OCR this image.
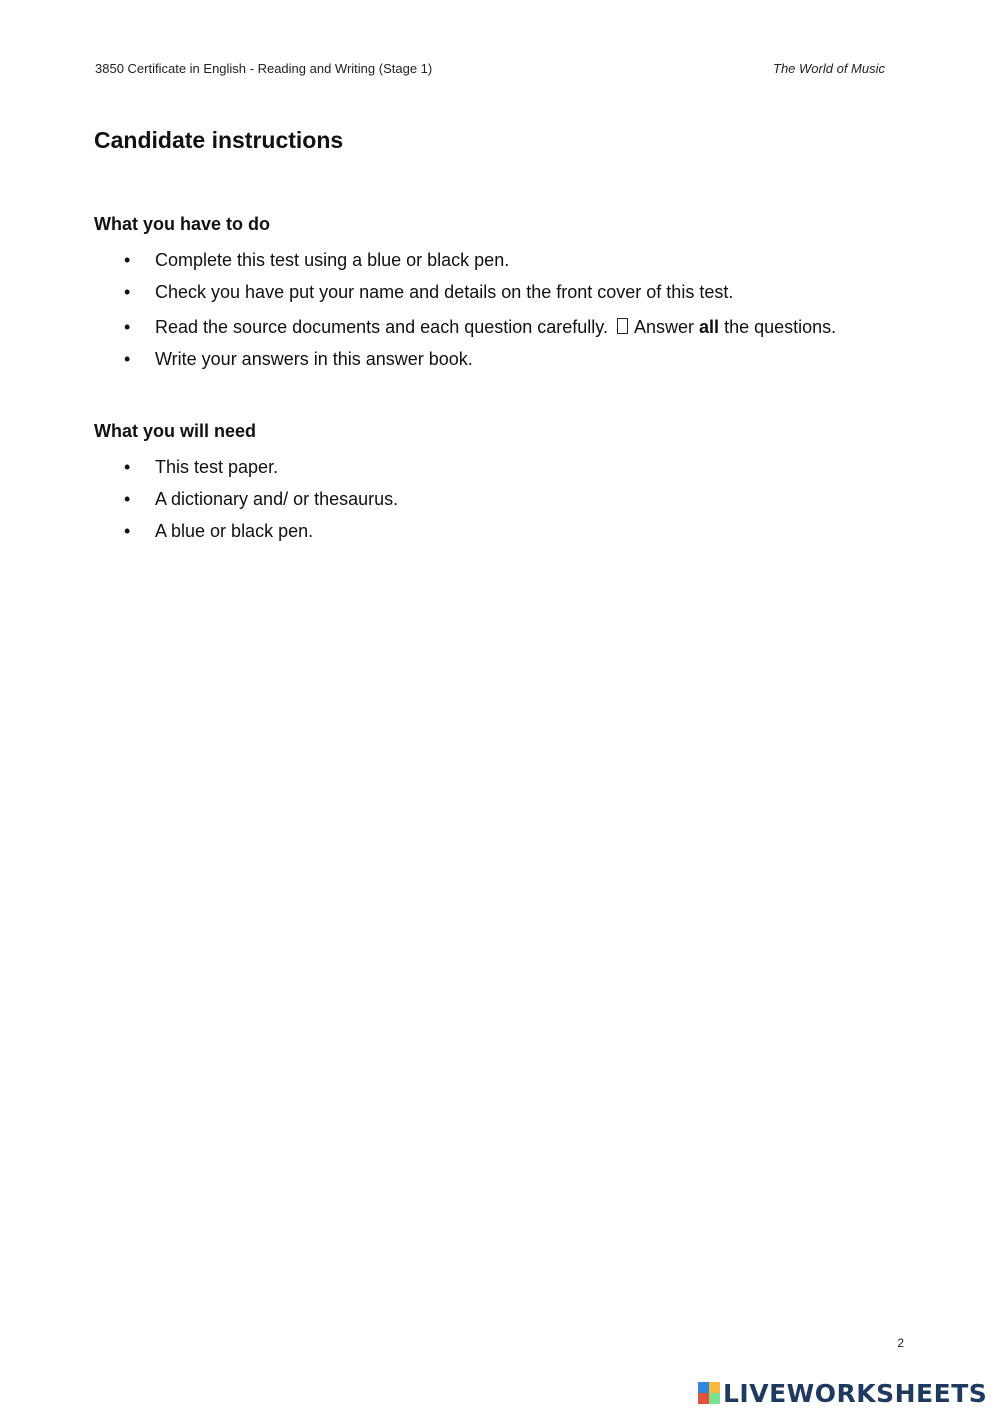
3850 Certificate in English - Reading and Writing (Stage 1)	The World of Music
Candidate instructions
What you have to do
• Complete this test using a blue or black pen.
• Check you have put your name and details on the front cover of this test.
• Read the source documents and each question carefully. Answer all the questions.
• Write your answers in this answer book.
What you will need
• This test paper.
• A dictionary and/ or thesaurus.
• A blue or black pen.
2
LIVEWORKSHEETS
